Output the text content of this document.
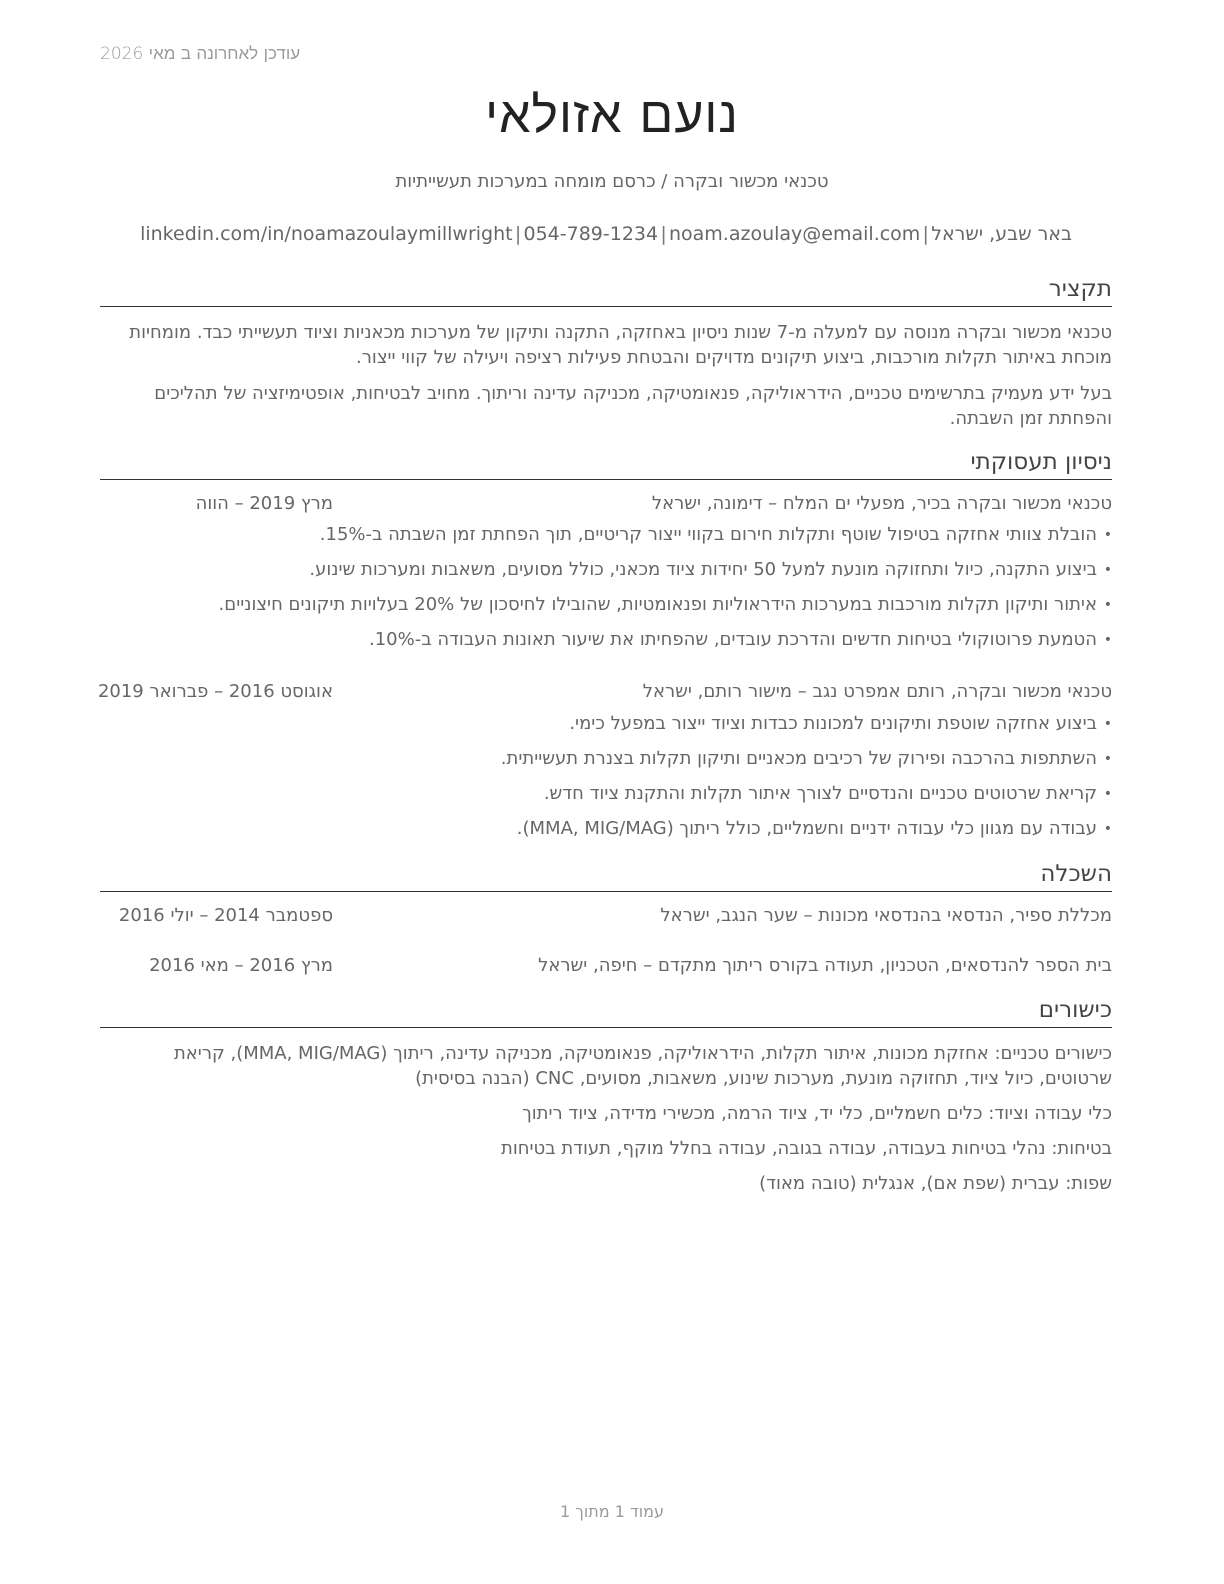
עודכן לאחרונה ב מאי 2026
נועם אזולאי
טכנאי מכשור ובקרה / כרסם מומחה במערכות תעשייתיות
באר שבע, ישראל
|
noam.azoulay@email.com
|
054-789-1234
|
linkedin.com/in/noamazoulaymillwright
תקציר
טכנאי מכשור ובקרה מנוסה עם למעלה מ-7 שנות ניסיון באחזקה, התקנה ותיקון של מערכות מכאניות וציוד תעשייתי כבד. מומחיות מוכחת באיתור תקלות מורכבות, ביצוע תיקונים מדויקים והבטחת פעילות רציפה ויעילה של קווי ייצור.
בעל ידע מעמיק בתרשימים טכניים, הידראוליקה, פנאומטיקה, מכניקה עדינה וריתוך. מחויב לבטיחות, אופטימיזציה של תהליכים והפחתת זמן השבתה.
ניסיון תעסוקתי
טכנאי מכשור ובקרה בכיר, מפעלי ים המלח – דימונה, ישראל
מרץ 2019 – הווה
• הובלת צוותי אחזקה בטיפול שוטף ותקלות חירום בקווי ייצור קריטיים, תוך הפחתת זמן השבתה ב-15%.
• ביצוע התקנה, כיול ותחזוקה מונעת למעל 50 יחידות ציוד מכאני, כולל מסועים, משאבות ומערכות שינוע.
• איתור ותיקון תקלות מורכבות במערכות הידראוליות ופנאומטיות, שהובילו לחיסכון של 20% בעלויות תיקונים חיצוניים.
• הטמעת פרוטוקולי בטיחות חדשים והדרכת עובדים, שהפחיתו את שיעור תאונות העבודה ב-10%.
טכנאי מכשור ובקרה, רותם אמפרט נגב – מישור רותם, ישראל
אוגוסט 2016 – פברואר 2019
• ביצוע אחזקה שוטפת ותיקונים למכונות כבדות וציוד ייצור במפעל כימי.
• השתתפות בהרכבה ופירוק של רכיבים מכאניים ותיקון תקלות בצנרת תעשייתית.
• קריאת שרטוטים טכניים והנדסיים לצורך איתור תקלות והתקנת ציוד חדש.
• עבודה עם מגוון כלי עבודה ידניים וחשמליים, כולל ריתוך (MMA, MIG/MAG).
השכלה
מכללת ספיר, הנדסאי בהנדסאי מכונות – שער הנגב, ישראל
ספטמבר 2014 – יולי 2016
בית הספר להנדסאים, הטכניון, תעודה בקורס ריתוך מתקדם – חיפה, ישראל
מרץ 2016 – מאי 2016
כישורים
כישורים טכניים: אחזקת מכונות, איתור תקלות, הידראוליקה, פנאומטיקה, מכניקה עדינה, ריתוך (MMA, MIG/MAG), קריאת שרטוטים, כיול ציוד, תחזוקה מונעת, מערכות שינוע, משאבות, מסועים, CNC (הבנה בסיסית)
כלי עבודה וציוד: כלים חשמליים, כלי יד, ציוד הרמה, מכשירי מדידה, ציוד ריתוך
בטיחות: נהלי בטיחות בעבודה, עבודה בגובה, עבודה בחלל מוקף, תעודת בטיחות
שפות: עברית (שפת אם), אנגלית (טובה מאוד)
עמוד 1 מתוך 1
